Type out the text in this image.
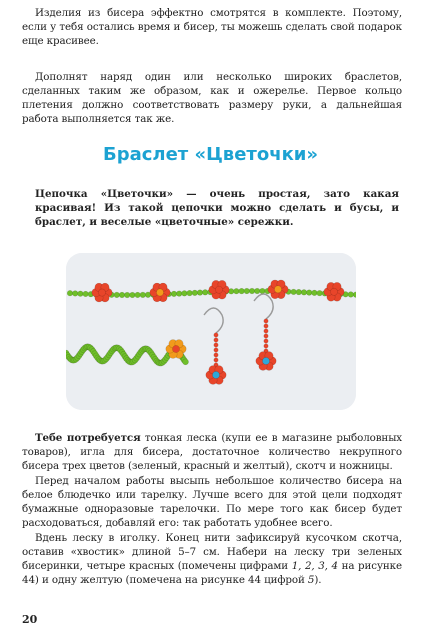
Изделия из бисера эффектно смотрятся в комплекте. Поэтому, если у тебя остались время и бисер, ты можешь сделать свой подарок еще красивее.

Дополнят наряд один или несколько широких браслетов, сделанных таким же образом, как и ожерелье. Первое кольцо плетения должно соответствовать размеру руки, а дальнейшая работа выполняется так же.

Браслет «Цветочки»

Цепочка «Цветочки» — очень простая, зато какая красивая! Из такой цепочки можно сделать и бусы, и браслет, и веселые «цветочные» сережки.

Тебе потребуется тонкая леска (купи ее в магазине рыболовных товаров), игла для бисера, достаточное количество некрупного бисера трех цветов (зеленый, красный и желтый), скотч и ножницы.

Перед началом работы высыпь небольшое количество бисера на белое блюдечко или тарелку. Лучше всего для этой цели подходят бумажные одноразовые тарелочки. По мере того как бисер будет расходоваться, добавляй его: так работать удобнее всего.

Вдень леску в иголку. Конец нити зафиксируй кусочком скотча, оставив «хвостик» длиной 5–7 см. Набери на леску три зеленых бисеринки, четыре красных (помечены цифрами 1, 2, 3, 4 на рисунке 44) и одну желтую (помечена на рисунке 44 цифрой 5).

20
